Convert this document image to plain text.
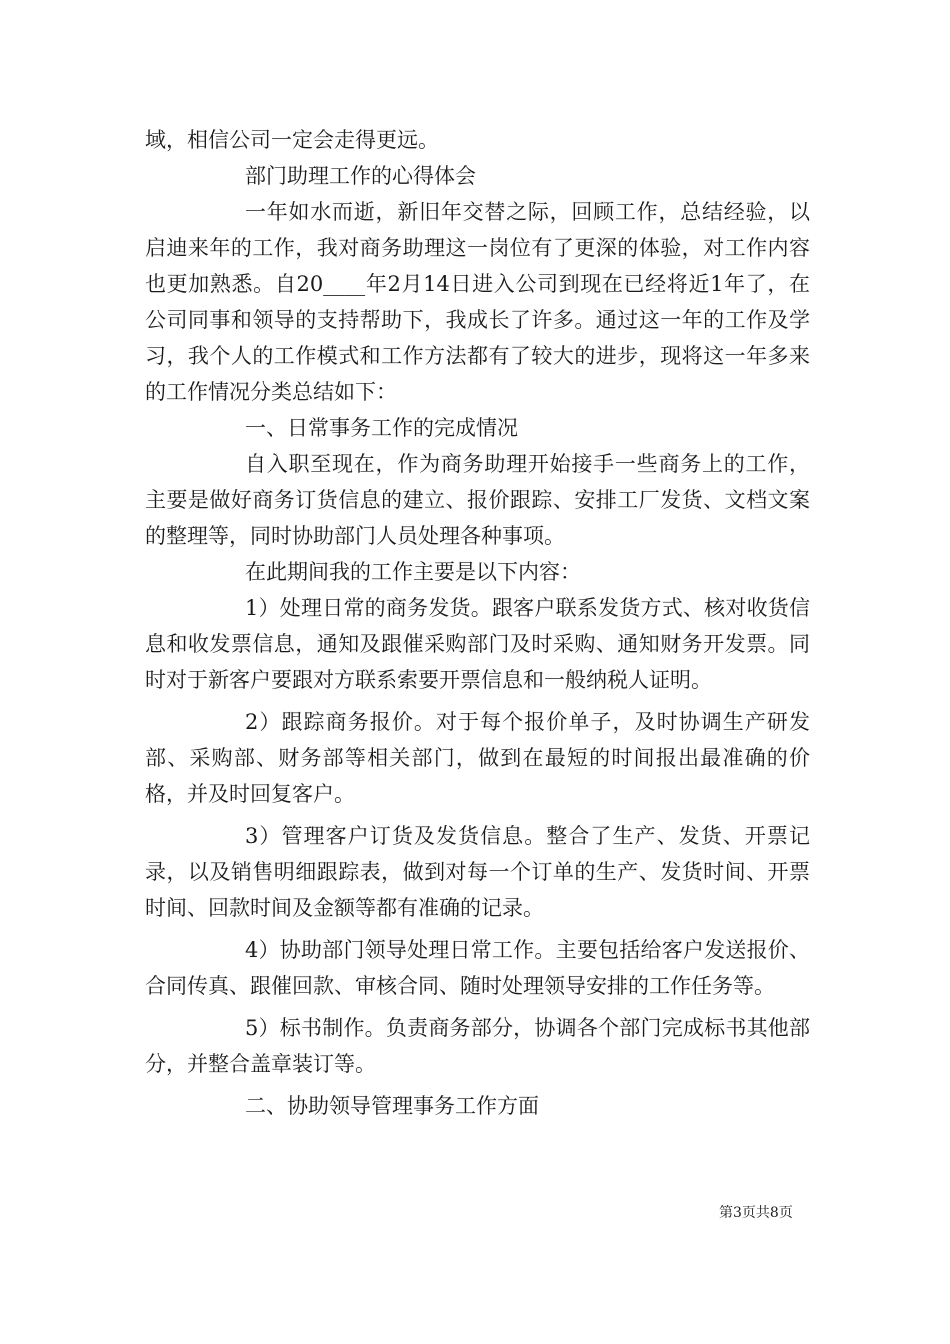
域，相信公司一定会走得更远。

部门助理工作的心得体会

一年如水而逝，新旧年交替之际，回顾工作，总结经验，以启迪来年的工作，我对商务助理这一岗位有了更深的体验，对工作内容也更加熟悉。自20____年2月14日进入公司到现在已经将近1年了，在公司同事和领导的支持帮助下，我成长了许多。通过这一年的工作及学习，我个人的工作模式和工作方法都有了较大的进步，现将这一年多来的工作情况分类总结如下：

一、日常事务工作的完成情况

自入职至现在，作为商务助理开始接手一些商务上的工作，主要是做好商务订货信息的建立、报价跟踪、安排工厂发货、文档文案的整理等，同时协助部门人员处理各种事项。

在此期间我的工作主要是以下内容：

1）处理日常的商务发货。跟客户联系发货方式、核对收货信息和收发票信息，通知及跟催采购部门及时采购、通知财务开发票。同时对于新客户要跟对方联系索要开票信息和一般纳税人证明。

2）跟踪商务报价。对于每个报价单子，及时协调生产研发部、采购部、财务部等相关部门，做到在最短的时间报出最准确的价格，并及时回复客户。

3）管理客户订货及发货信息。整合了生产、发货、开票记录，以及销售明细跟踪表，做到对每一个订单的生产、发货时间、开票时间、回款时间及金额等都有准确的记录。

4）协助部门领导处理日常工作。主要包括给客户发送报价、合同传真、跟催回款、审核合同、随时处理领导安排的工作任务等。

5）标书制作。负责商务部分，协调各个部门完成标书其他部分，并整合盖章装订等。

二、协助领导管理事务工作方面

第3页共8页
